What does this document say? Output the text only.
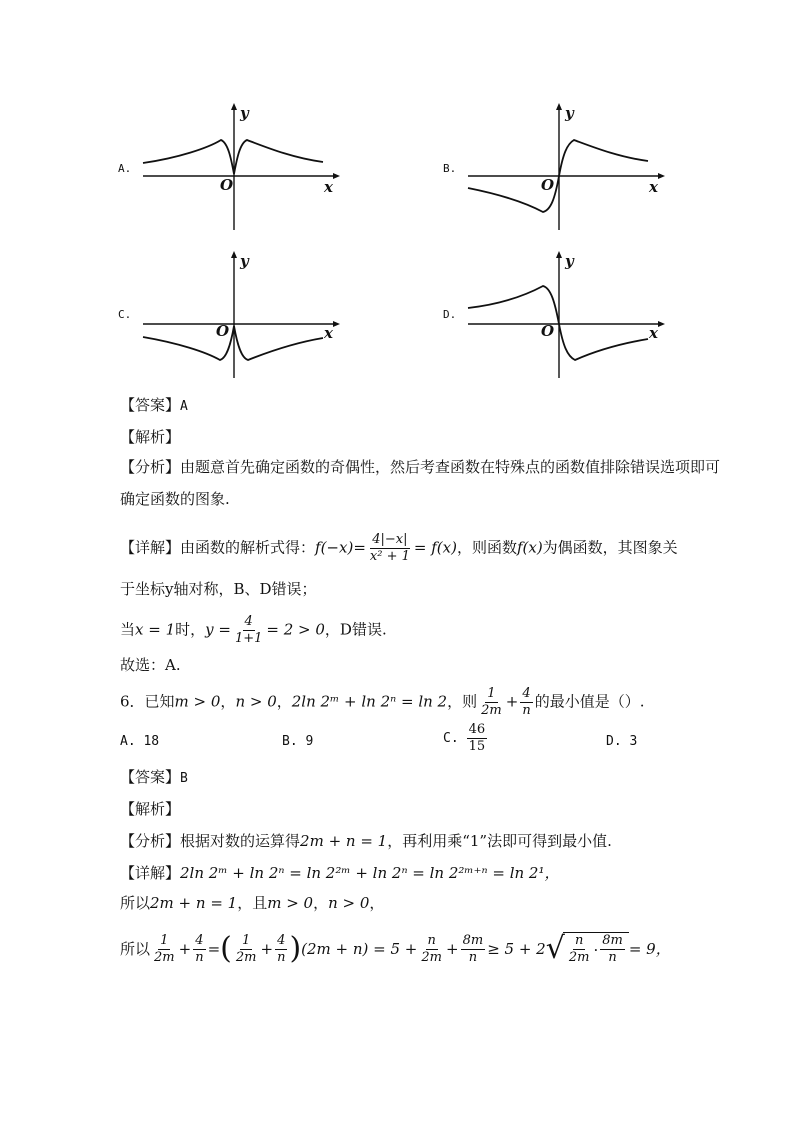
A.
y
x
O
B.
y
x
O
C.
y
x
O
D.
y
x
O
【答案】A
【解析】
【分析】由题意首先确定函数的奇偶性，然后考查函数在特殊点的函数值排除错误选项即可
确定函数的图象.
【详解】由函数的解析式得：$f(-x)= \frac{4|-x|}{\text{x² + 1}} = f(x)$，则函数f(x)为偶函数，其图象关
于坐标y轴对称，B、D错误；
当x = 1时，$y = \frac{4}{1+1} = 2 > 0$，D错误.
故选：A.
6．已知m > 0，n > 0，2ln 2ᵐ + ln 2ⁿ = ln 2，则 $\frac{1}{2m} + \frac{4}{n}$ 的最小值是（）.
A. 18	B. 9	C. $\frac{46}{15}$	D. 3
【答案】B
【解析】
【分析】根据对数的运算得2m + n = 1，再利用乘“1”法即可得到最小值.
【详解】2ln 2ᵐ + ln 2ⁿ = ln 2²ᵐ + ln 2ⁿ = ln 2²ᵐ⁺ⁿ = ln 2¹，
所以2m + n = 1，且m > 0，n > 0，
所以 $\frac{1}{2m} + \frac{4}{n}$ = ( $\frac{1}{2m} + \frac{4}{n}$ ) $(2m + n) = 5 + \frac{n}{2m} + \frac{8m}{n} \ge 5 + 2$ √ $\frac{n}{2m} \cdot \frac{8m}{n} = 9$，
